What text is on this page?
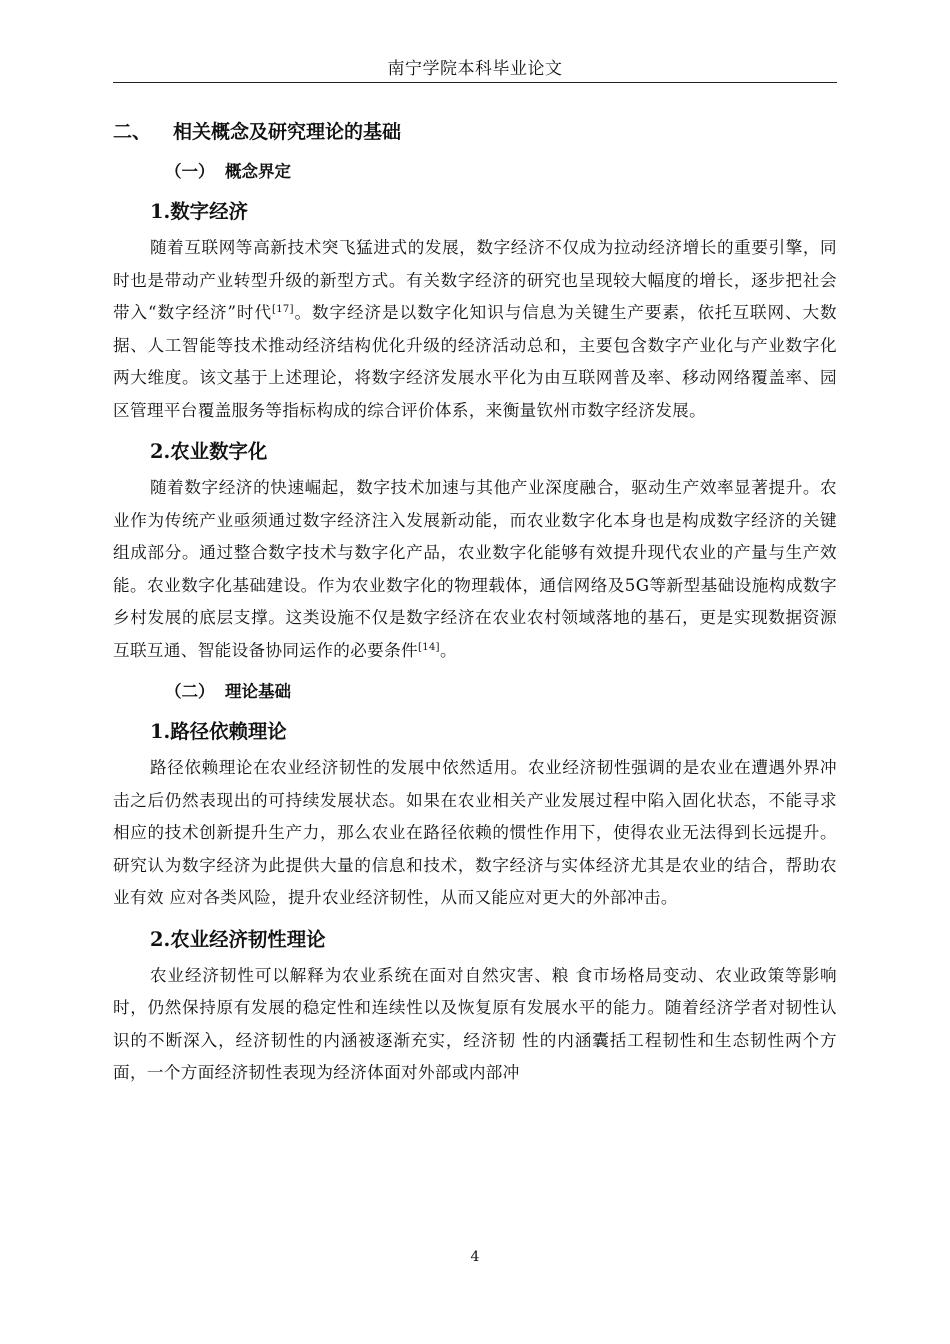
南宁学院本科毕业论文
二、 相关概念及研究理论的基础
（一） 概念界定
1.数字经济

随着互联网等高新技术突飞猛进式的发展，数字经济不仅成为拉动经济增长的重要引擎，同时也是带动产业转型升级的新型方式。有关数字经济的研究也呈现较大幅度的增长，逐步把社会 带入“数字经济”时代[17]。数字经济是以数字化知识与信息为关键生产要素，依托互联网、大数据、人工智能等技术推动经济结构优化升级的经济活动总和，主要包含数字产业化与产业数字化两大维度。该文基于上述理论，将数字经济发展水平化为由互联网普及率、移动网络覆盖率、园区管理平台覆盖服务等指标构成的综合评价体系，来衡量钦州市数字经济发展。

2.农业数字化

随着数字经济的快速崛起，数字技术加速与其他产业深度融合，驱动生产效率显著提升。农业作为传统产业亟须通过数字经济注入发展新动能，而农业数字化本身也是构成数字经济的关键组成部分。通过整合数字技术与数字化产品，农业数字化能够有效提升现代农业的产量与生产效能。农业数字化基础建设。作为农业数字化的物理载体，通信网络及5G等新型基础设施构成数字乡村发展的底层支撑。这类设施不仅是数字经济在农业农村领域落地的基石，更是实现数据资源互联互通、智能设备协同运作的必要条件[14]。

（二） 理论基础
1.路径依赖理论

路径依赖理论在农业经济韧性的发展中依然适用。农业经济韧性强调的是农业在遭遇外界冲击之后仍然表现出的可持续发展状态。如果在农业相关产业发展过程中陷入固化状态，不能寻求相应的技术创新提升生产力，那么农业在路径依赖的惯性作用下，使得农业无法得到长远提升。研究认为数字经济为此提供大量的信息和技术，数字经济与实体经济尤其是农业的结合，帮助农业有效 应对各类风险，提升农业经济韧性，从而又能应对更大的外部冲击。

2.农业经济韧性理论

农业经济韧性可以解释为农业系统在面对自然灾害、粮 食市场格局变动、农业政策等影响时，仍然保持原有发展的稳定性和连续性以及恢复原有发展水平的能力。随着经济学者对韧性认识的不断深入，经济韧性的内涵被逐渐充实，经济韧 性的内涵囊括工程韧性和生态韧性两个方面，一个方面经济韧性表现为经济体面对外部或内部冲

4
